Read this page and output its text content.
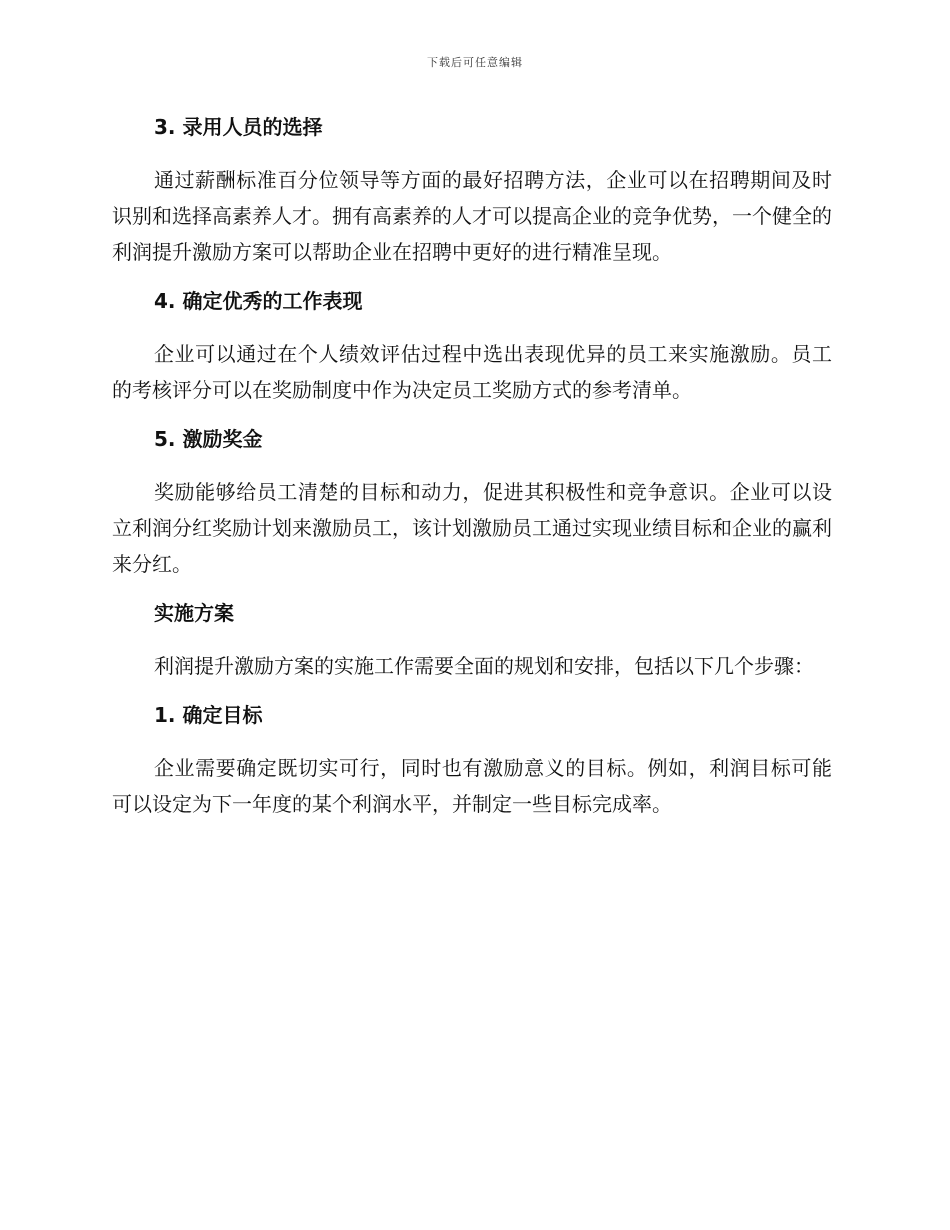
下载后可任意编辑
3. 录用人员的选择

通过薪酬标准百分位领导等方面的最好招聘方法，企业可以在招聘期间及时识别和选择高素养人才。拥有高素养的人才可以提高企业的竞争优势，一个健全的利润提升激励方案可以帮助企业在招聘中更好的进行精准呈现。

4. 确定优秀的工作表现

企业可以通过在个人绩效评估过程中选出表现优异的员工来实施激励。员工的考核评分可以在奖励制度中作为决定员工奖励方式的参考清单。

5. 激励奖金

奖励能够给员工清楚的目标和动力，促进其积极性和竞争意识。企业可以设立利润分红奖励计划来激励员工，该计划激励员工通过实现业绩目标和企业的赢利来分红。

实施方案

利润提升激励方案的实施工作需要全面的规划和安排，包括以下几个步骤：

1. 确定目标

企业需要确定既切实可行，同时也有激励意义的目标。例如，利润目标可能可以设定为下一年度的某个利润水平，并制定一些目标完成率。
